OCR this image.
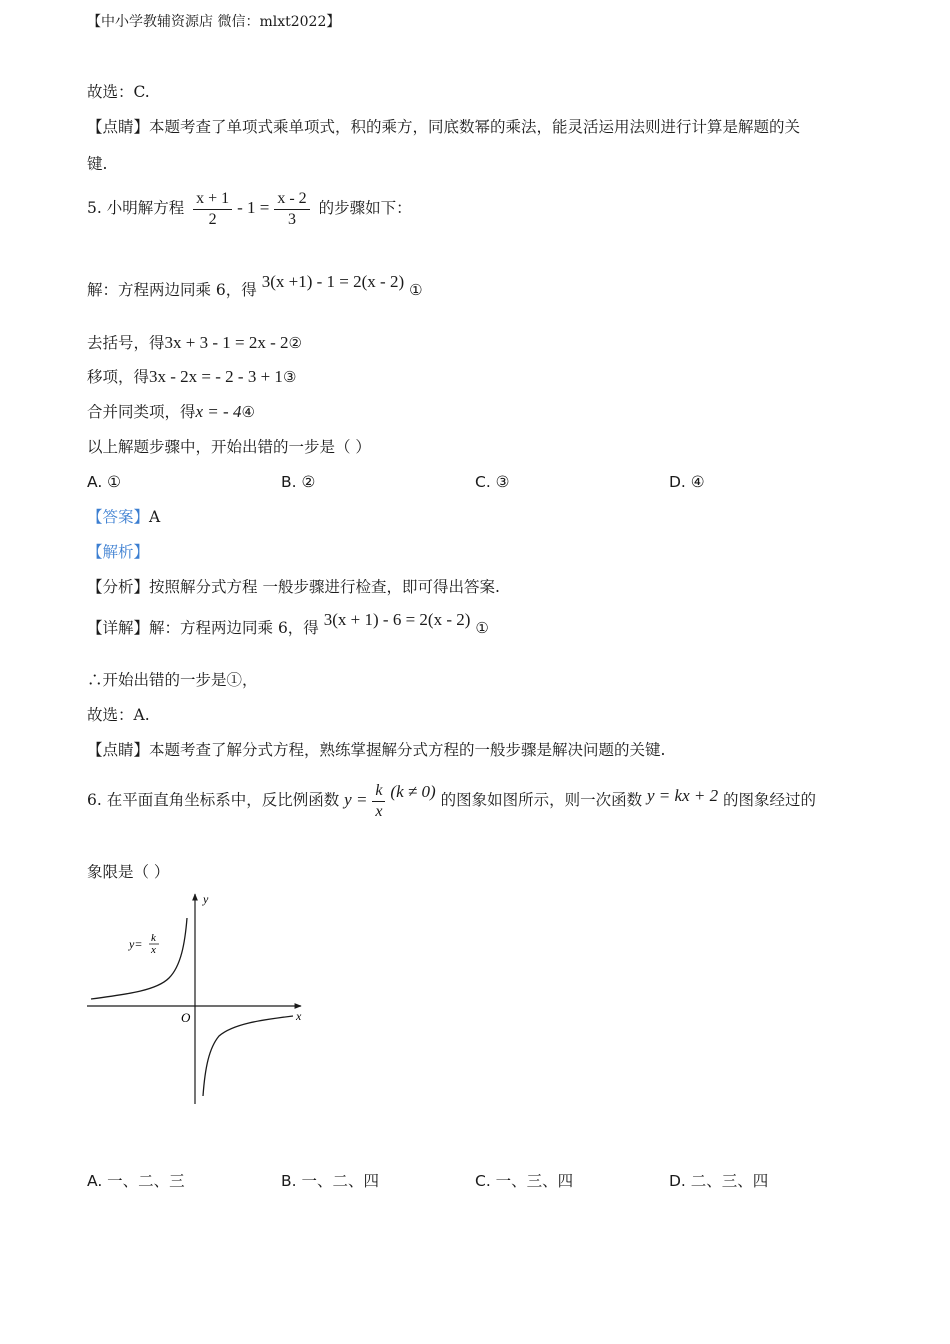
【中小学教辅资源店 微信：mlxt2022】
故选：C.
【点睛】本题考查了单项式乘单项式，积的乘方，同底数幂的乘法，能灵活运用法则进行计算是解题的关
键.
5. 小明解方程 $\frac{x + 1}{2} - 1 = \frac{x - 2}{3}$ 的步骤如下：
解：方程两边同乘 6，得 3(x +1) - 1 = 2(x - 2) ①
去括号，得3x + 3 - 1 = 2x - 2②
移项，得3x - 2x = - 2 - 3 + 1③
合并同类项，得x = - 4④
以上解题步骤中，开始出错的一步是（ ）
A. ①	B. ②	C. ③	D. ④
【答案】A
【解析】
【分析】按照解分式方程 一般步骤进行检查，即可得出答案.
【详解】解：方程两边同乘 6，得 3(x + 1) - 6 = 2(x - 2) ①
∴开始出错的一步是①，
故选：A.
【点睛】本题考查了解分式方程，熟练掌握解分式方程的一般步骤是解决问题的关键.
6. 在平面直角坐标系中，反比例函数 $y = \frac{k}{x} (k \ne 0)$ 的图象如图所示，则一次函数 y = kx + 2 的图象经过的
象限是（ ）
y
x
O
y= k
x
A. 一、二、三	B. 一、二、四	C. 一、三、四	D. 二、三、四
